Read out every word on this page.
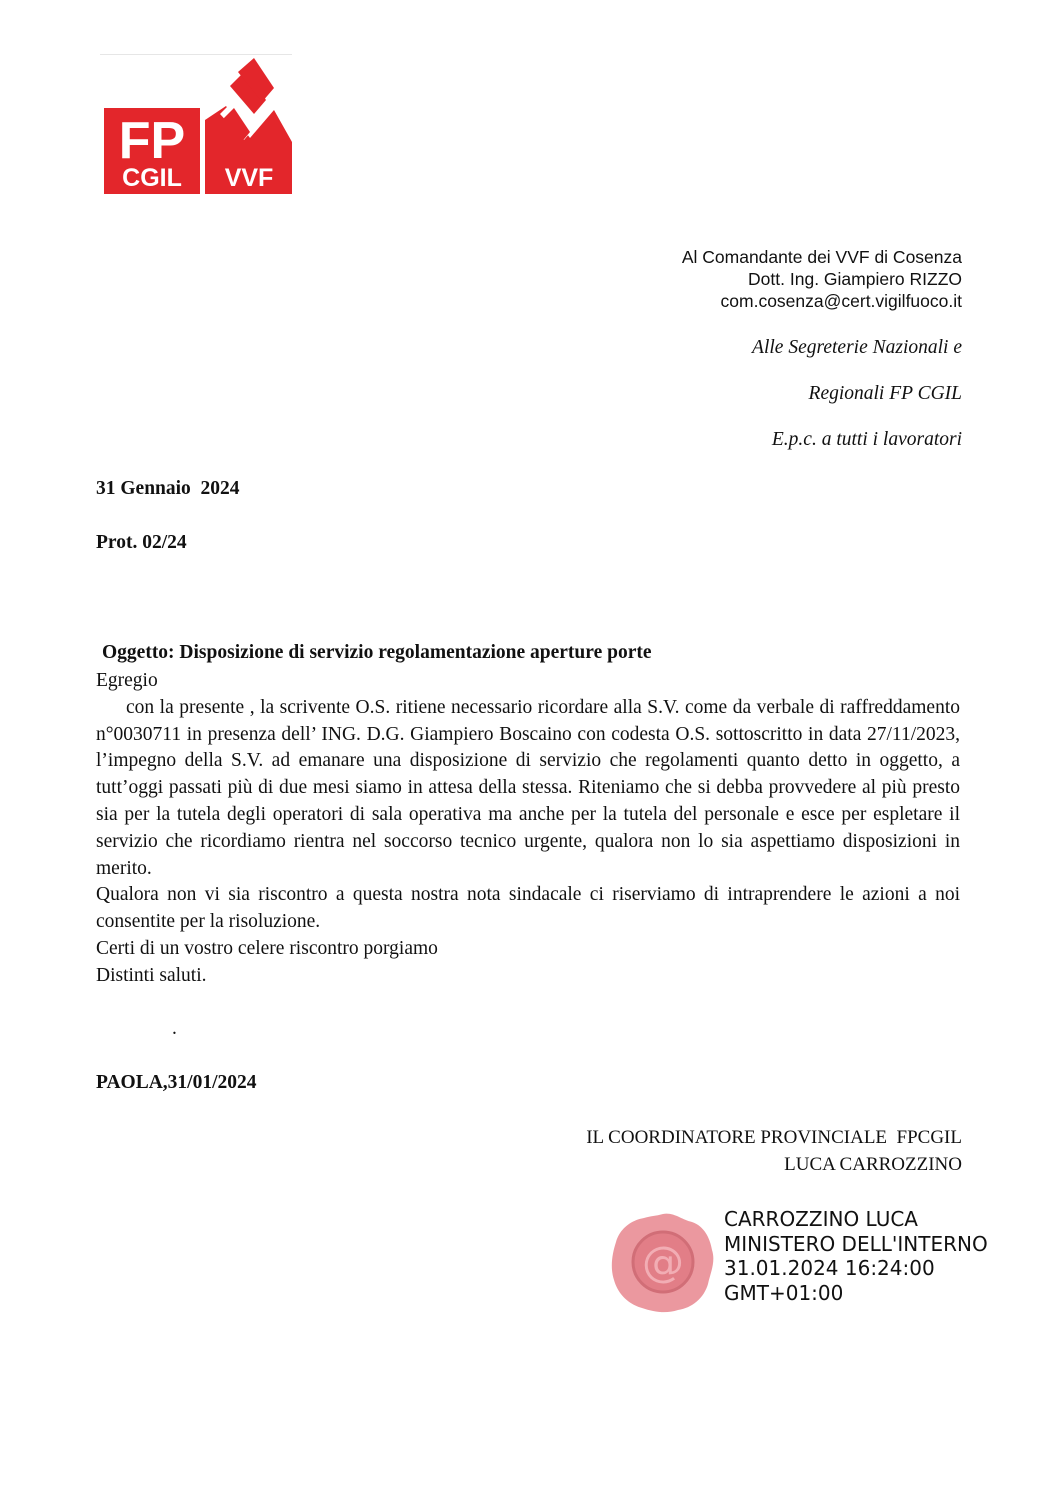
FP
CGIL VVF
Al Comandante dei VVF di Cosenza
Dott. Ing. Giampiero RIZZO
com.cosenza@cert.vigilfuoco.it
Alle Segreterie Nazionali e
Regionali FP CGIL
E.p.c. a tutti i lavoratori
31 Gennaio  2024
Prot. 02/24
Oggetto: Disposizione di servizio regolamentazione aperture porte

Egregio

con la presente , la scrivente O.S. ritiene necessario ricordare alla S.V. come da verbale di raffreddamento n°0030711 in presenza dell’ ING. D.G. Giampiero Boscaino con codesta O.S. sottoscritto in data 27/11/2023, l’impegno della S.V. ad emanare una disposizione di servizio che regolamenti quanto detto in oggetto, a tutt’oggi passati più di due mesi siamo in attesa della stessa. Riteniamo che si debba provvedere al più presto sia per la tutela degli operatori di sala operativa ma anche per la tutela del personale e esce per espletare il servizio che ricordiamo rientra nel soccorso tecnico urgente, qualora non lo sia aspettiamo disposizioni in merito.

Qualora non vi sia riscontro a questa nostra nota sindacale ci riserviamo di intraprendere le azioni a noi consentite per la risoluzione.

Certi di un vostro celere riscontro porgiamo

Distinti saluti.

.
PAOLA,31/01/2024
IL COORDINATORE PROVINCIALE  FPCGIL
LUCA CARROZZINO
@
CARROZZINO LUCA
MINISTERO DELL'INTERNO
31.01.2024 16:24:00
GMT+01:00
